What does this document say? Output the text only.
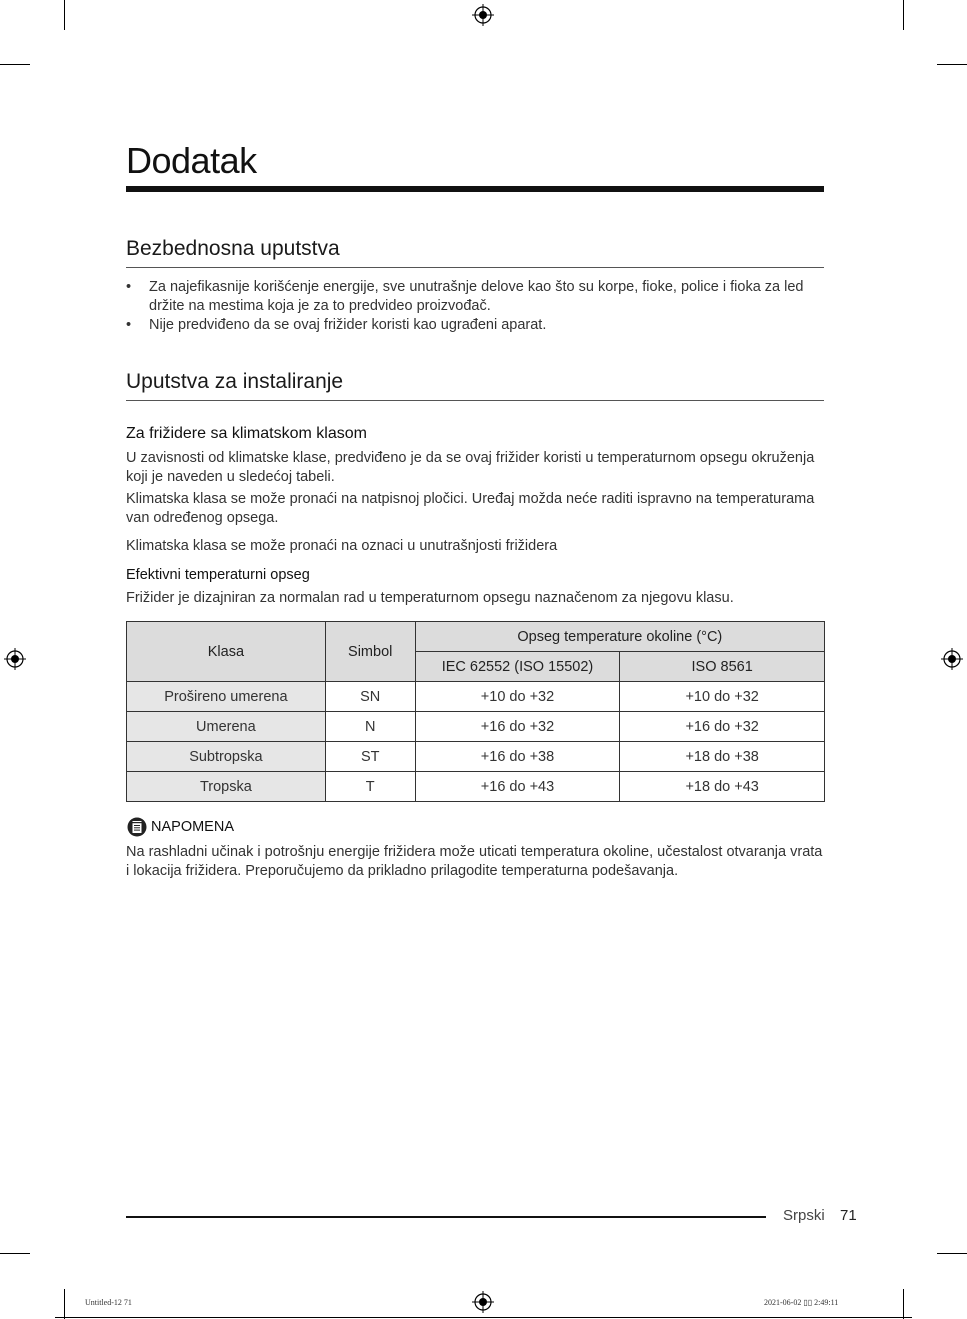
Dodatak
Bezbednosna uputstva
• Za najefikasnije korišćenje energije, sve unutrašnje delove kao što su korpe, fioke, police i fioka za led držite na mestima koja je za to predvideo proizvođač.
• Nije predviđeno da se ovaj frižider koristi kao ugrađeni aparat.
Uputstva za instaliranje
Za frižidere sa klimatskom klasom

U zavisnosti od klimatske klase, predviđeno je da se ovaj frižider koristi u temperaturnom opsegu okruženja koji je naveden u sledećoj tabeli.

Klimatska klasa se može pronaći na natpisnoj pločici. Uređaj možda neće raditi ispravno na temperaturama van određenog opsega.

Klimatska klasa se može pronaći na oznaci u unutrašnjosti frižidera

Efektivni temperaturni opseg

Frižider je dizajniran za normalan rad u temperaturnom opsegu naznačenom za njegovu klasu.

Klasa	Simbol	Opseg temperature okoline (°C)	
		IEC 62552 (ISO 15502)	ISO 8561
Prošireno umerena	SN	+10 do +32	+10 do +32
Umerena	N	+16 do +32	+16 do +32
Subtropska	ST	+16 do +38	+18 do +38
Tropska	T	+16 do +43	+18 do +43
NAPOMENA

Na rashladni učinak i potrošnju energije frižidera može uticati temperatura okoline, učestalost otvaranja vrata i lokacija frižidera. Preporučujemo da prikladno prilagodite temperaturna podešavanja.

Srpski 71
Untitled-12 71	2021-06-02 ▯▯ 2:49:11
